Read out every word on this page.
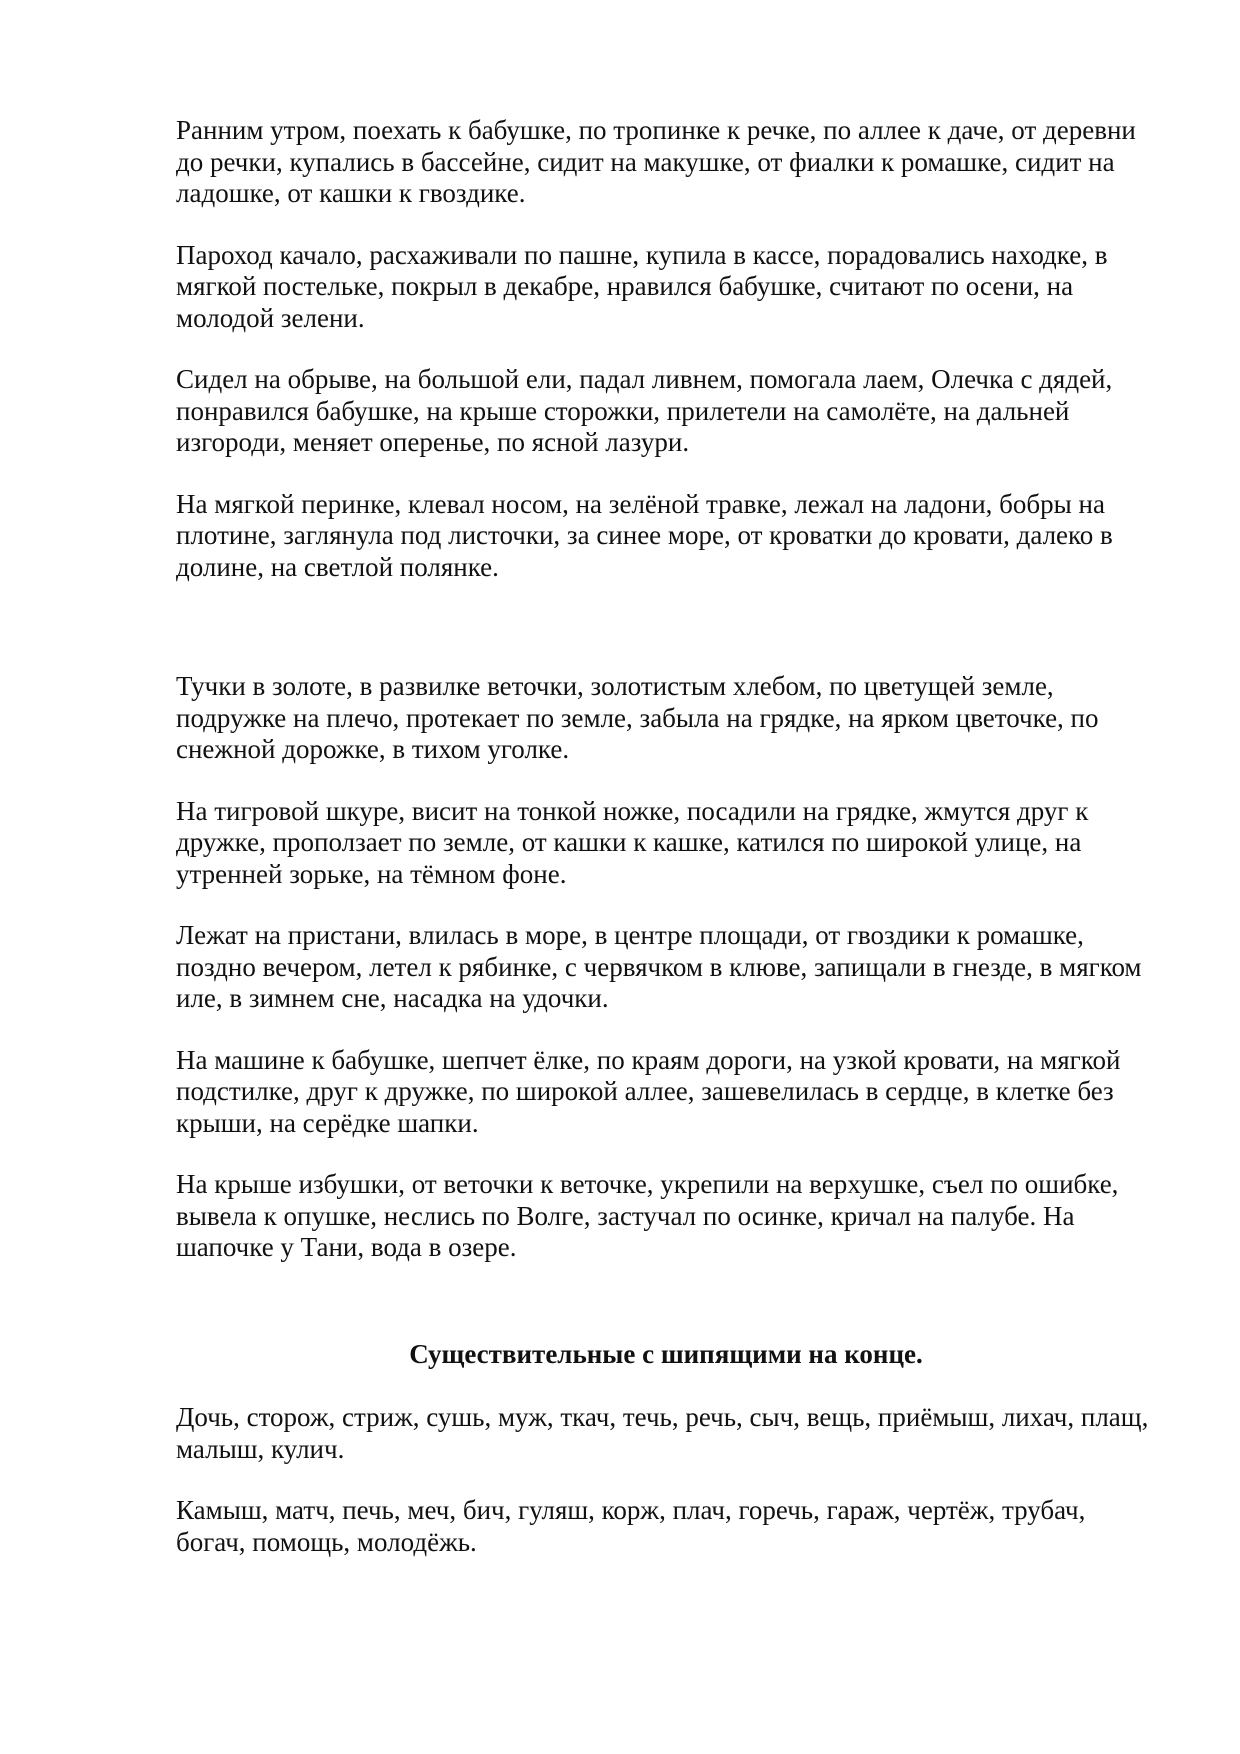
Ранним утром, поехать к бабушке, по тропинке к речке, по аллее к даче, от деревни до речки, купались в бассейне, сидит на макушке, от фиалки к ромашке, сидит на ладошке, от кашки к гвоздике.

Пароход качало, расхаживали по пашне, купила в кассе, порадовались находке, в мягкой постельке, покрыл в декабре, нравился бабушке, считают по осени, на молодой зелени.

Сидел на обрыве, на большой ели, падал ливнем, помогала лаем, Олечка с дядей, понравился бабушке, на крыше сторожки, прилетели на самолёте, на дальней изгороди, меняет оперенье, по ясной лазури.

На мягкой перинке, клевал носом, на зелёной травке, лежал на ладони, бобры на плотине, заглянула под листочки, за синее море, от кроватки до кровати, далеко в долине, на светлой полянке.

Тучки в золоте, в развилке веточки, золотистым хлебом, по цветущей земле, подружке на плечо, протекает по земле, забыла на грядке, на ярком цветочке, по снежной дорожке, в тихом уголке.

На тигровой шкуре, висит на тонкой ножке, посадили на грядке, жмутся друг к дружке, проползает по земле, от кашки к кашке, катился по широкой улице, на утренней зорьке, на тёмном фоне.

Лежат на пристани, влилась в море, в центре площади, от гвоздики к ромашке, поздно вечером, летел к рябинке, с червячком в клюве, запищали в гнезде, в мягком иле, в зимнем сне, насадка на удочки.

На машине к бабушке, шепчет ёлке, по краям дороги, на узкой кровати, на мягкой подстилке, друг к дружке, по широкой аллее, зашевелилась в сердце, в клетке без крыши, на серёдке шапки.

На крыше избушки, от веточки к веточке, укрепили на верхушке, съел по ошибке, вывела к опушке, неслись по Волге, застучал по осинке, кричал на палубе. На шапочке у Тани, вода в озере.

Существительные с шипящими на конце.

Дочь, сторож, стриж, сушь, муж, ткач, течь, речь, сыч, вещь, приёмыш, лихач, плащ, малыш, кулич.

Камыш, матч, печь, меч, бич, гуляш, корж, плач, горечь, гараж, чертёж, трубач, богач, помощь, молодёжь.
